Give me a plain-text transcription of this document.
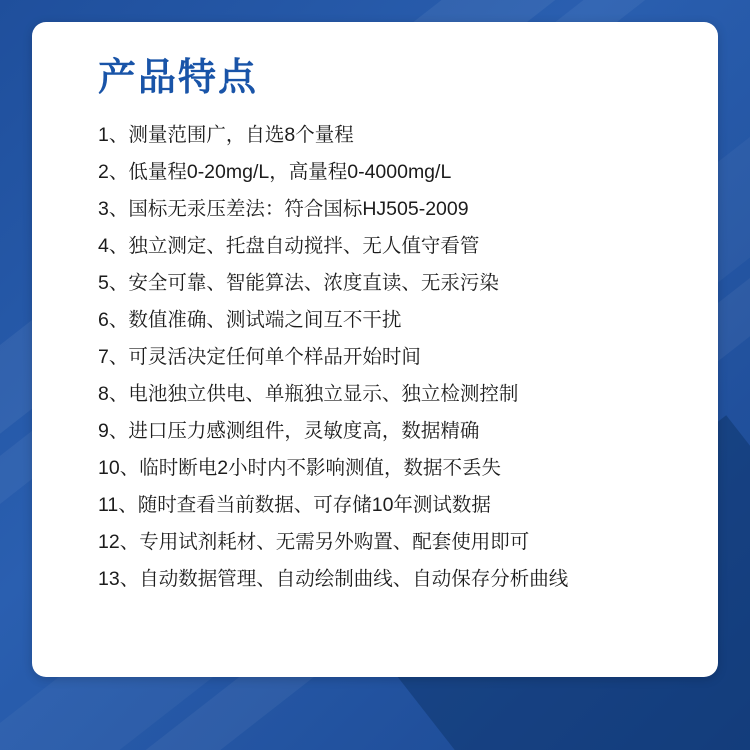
产品特点
1、测量范围广，自选8个量程
2、低量程0-20mg/L，高量程0-4000mg/L
3、国标无汞压差法：符合国标HJ505-2009
4、独立测定、托盘自动搅拌、无人值守看管
5、安全可靠、智能算法、浓度直读、无汞污染
6、数值准确、测试端之间互不干扰
7、可灵活决定任何单个样品开始时间
8、电池独立供电、单瓶独立显示、独立检测控制
9、进口压力感测组件，灵敏度高，数据精确
10、临时断电2小时内不影响测值，数据不丢失
11、随时查看当前数据、可存储10年测试数据
12、专用试剂耗材、无需另外购置、配套使用即可
13、自动数据管理、自动绘制曲线、自动保存分析曲线
